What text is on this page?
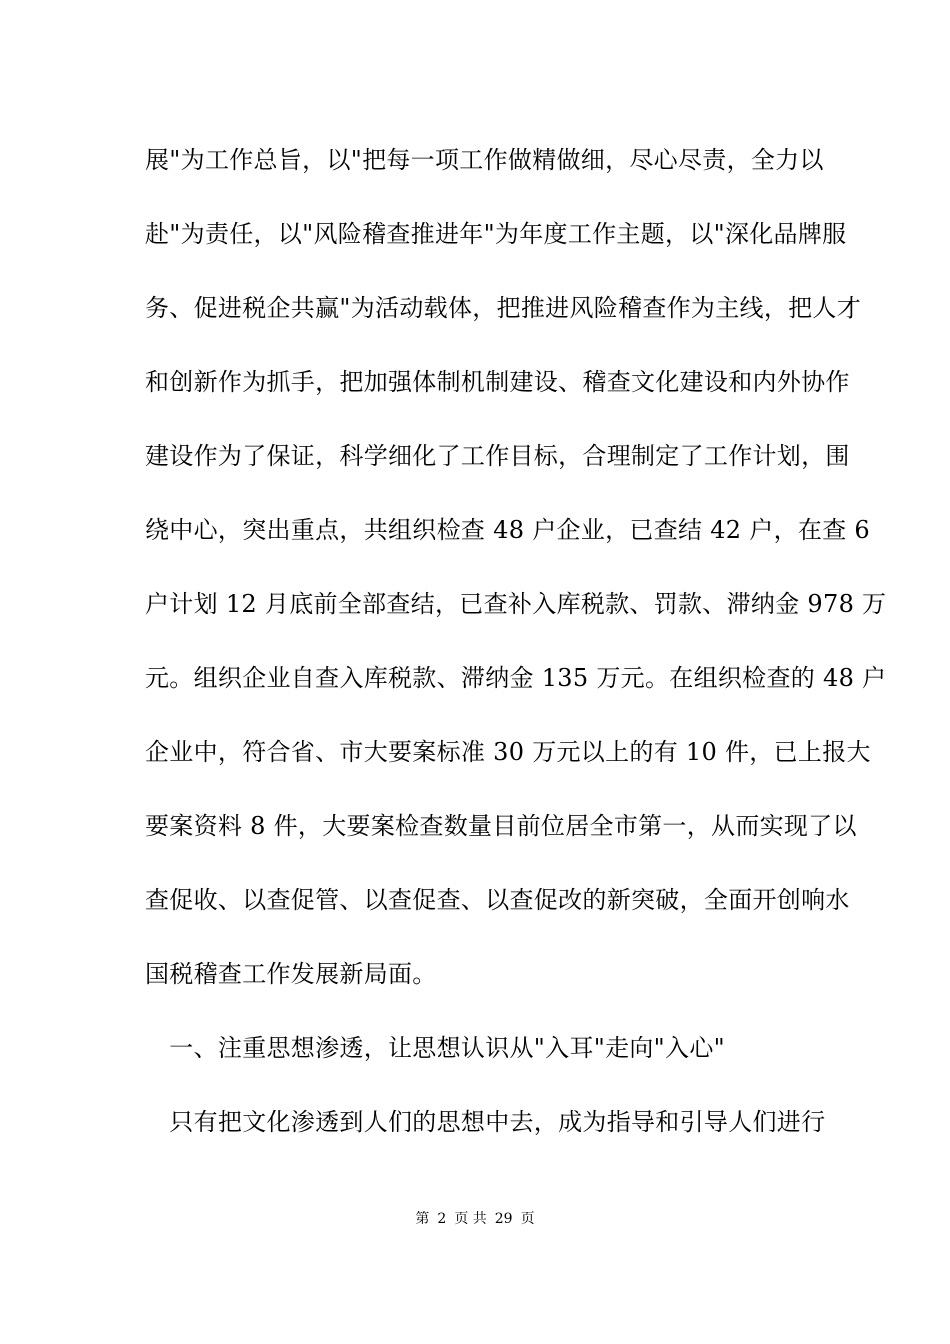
展"为工作总旨，以"把每一项工作做精做细，尽心尽责，全力以
赴"为责任，以"风险稽查推进年"为年度工作主题，以"深化品牌服
务、促进税企共赢"为活动载体，把推进风险稽查作为主线，把人才
和创新作为抓手，把加强体制机制建设、稽查文化建设和内外协作
建设作为了保证，科学细化了工作目标，合理制定了工作计划，围
绕中心，突出重点，共组织检查 48 户企业，已查结 42 户，在查 6
户计划 12 月底前全部查结，已查补入库税款、罚款、滞纳金 978 万
元。组织企业自查入库税款、滞纳金 135 万元。在组织检查的 48 户
企业中，符合省、市大要案标准 30 万元以上的有 10 件，已上报大
要案资料 8 件，大要案检查数量目前位居全市第一，从而实现了以
查促收、以查促管、以查促查、以查促改的新突破，全面开创响水
国税稽查工作发展新局面。
　一、注重思想渗透，让思想认识从"入耳"走向"入心"
　只有把文化渗透到人们的思想中去，成为指导和引导人们进行
第 2 页 共 29 页
